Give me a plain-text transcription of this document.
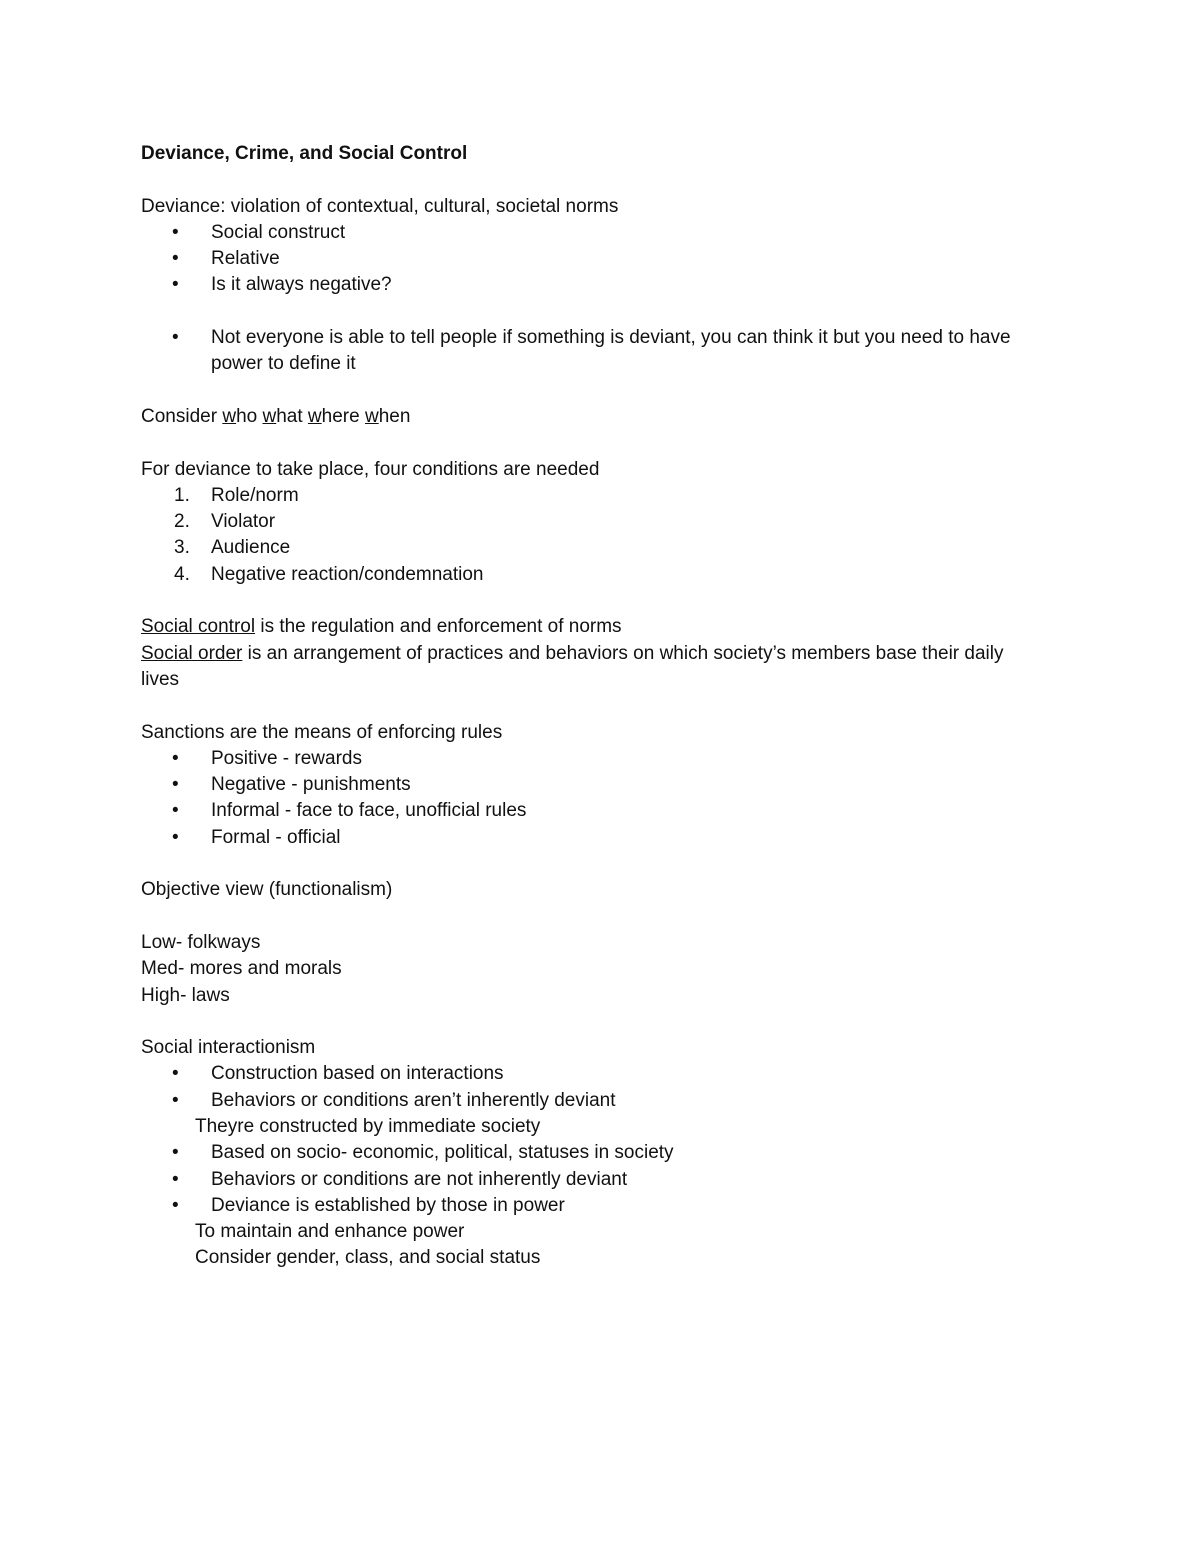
Deviance, Crime, and Social Control

Deviance: violation of contextual, cultural, societal norms

• Social construct
• Relative
• Is it always negative?
• Not everyone is able to tell people if something is deviant, you can think it but you need to have
power to define it

Consider who what where when

For deviance to take place, four conditions are needed

1. Role/norm
2. Violator
3. Audience
4. Negative reaction/condemnation

Social control is the regulation and enforcement of norms

Social order is an arrangement of practices and behaviors on which society’s members base their daily

lives

Sanctions are the means of enforcing rules

• Positive - rewards
• Negative - punishments
• Informal - face to face, unofficial rules
• Formal - official

Objective view (functionalism)

Low- folkways

Med- mores and morals

High- laws

Social interactionism

• Construction based on interactions
• Behaviors or conditions aren’t inherently deviant

Theyre constructed by immediate society

• Based on socio- economic, political, statuses in society
• Behaviors or conditions are not inherently deviant
• Deviance is established by those in power

To maintain and enhance power

Consider gender, class, and social status
